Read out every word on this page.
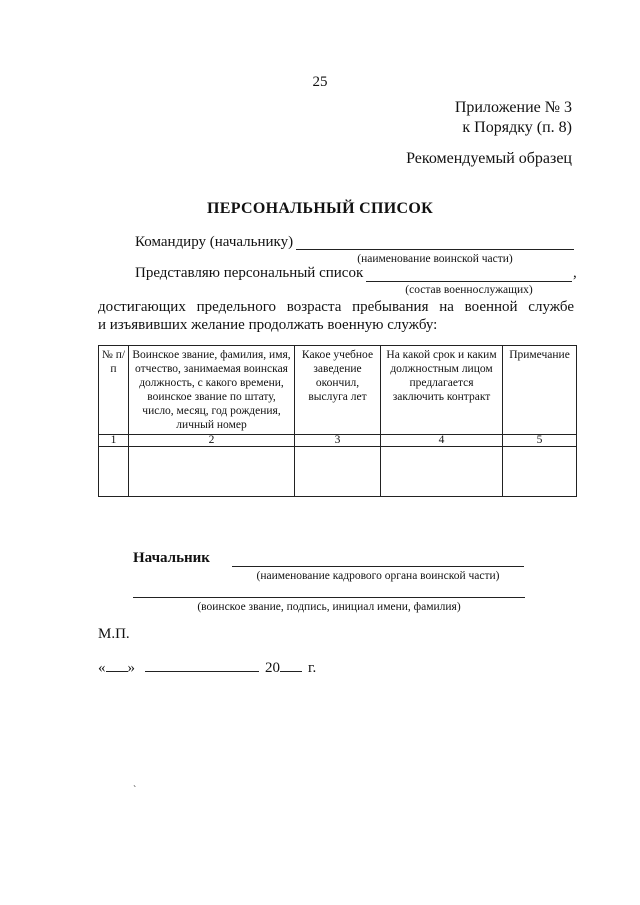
25
Приложение № 3
к Порядку (п. 8)
Рекомендуемый образец
ПЕРСОНАЛЬНЫЙ СПИСОК
Командиру (начальнику)
(наименование воинской части)
Представляю персональный список	,
(состав военнослужащих)
достигающих предельного возраста пребывания на военной службе
и изъявивших желание продолжать военную службу:
№ п/п	Воинское звание, фамилия, имя, отчество, занимаемая воинская должность, с какого времени, воинское звание по штату, число, месяц, год рождения, личный номер	Какое учебное заведение окончил, выслуга лет	На какой срок и каким должностным лицом предлагается заключить контракт	Примечание
1	2	3	4	5

Начальник
(наименование кадрового органа воинской части)
(воинское звание, подпись, инициал имени, фамилия)
М.П.
« »	20 г.
`
